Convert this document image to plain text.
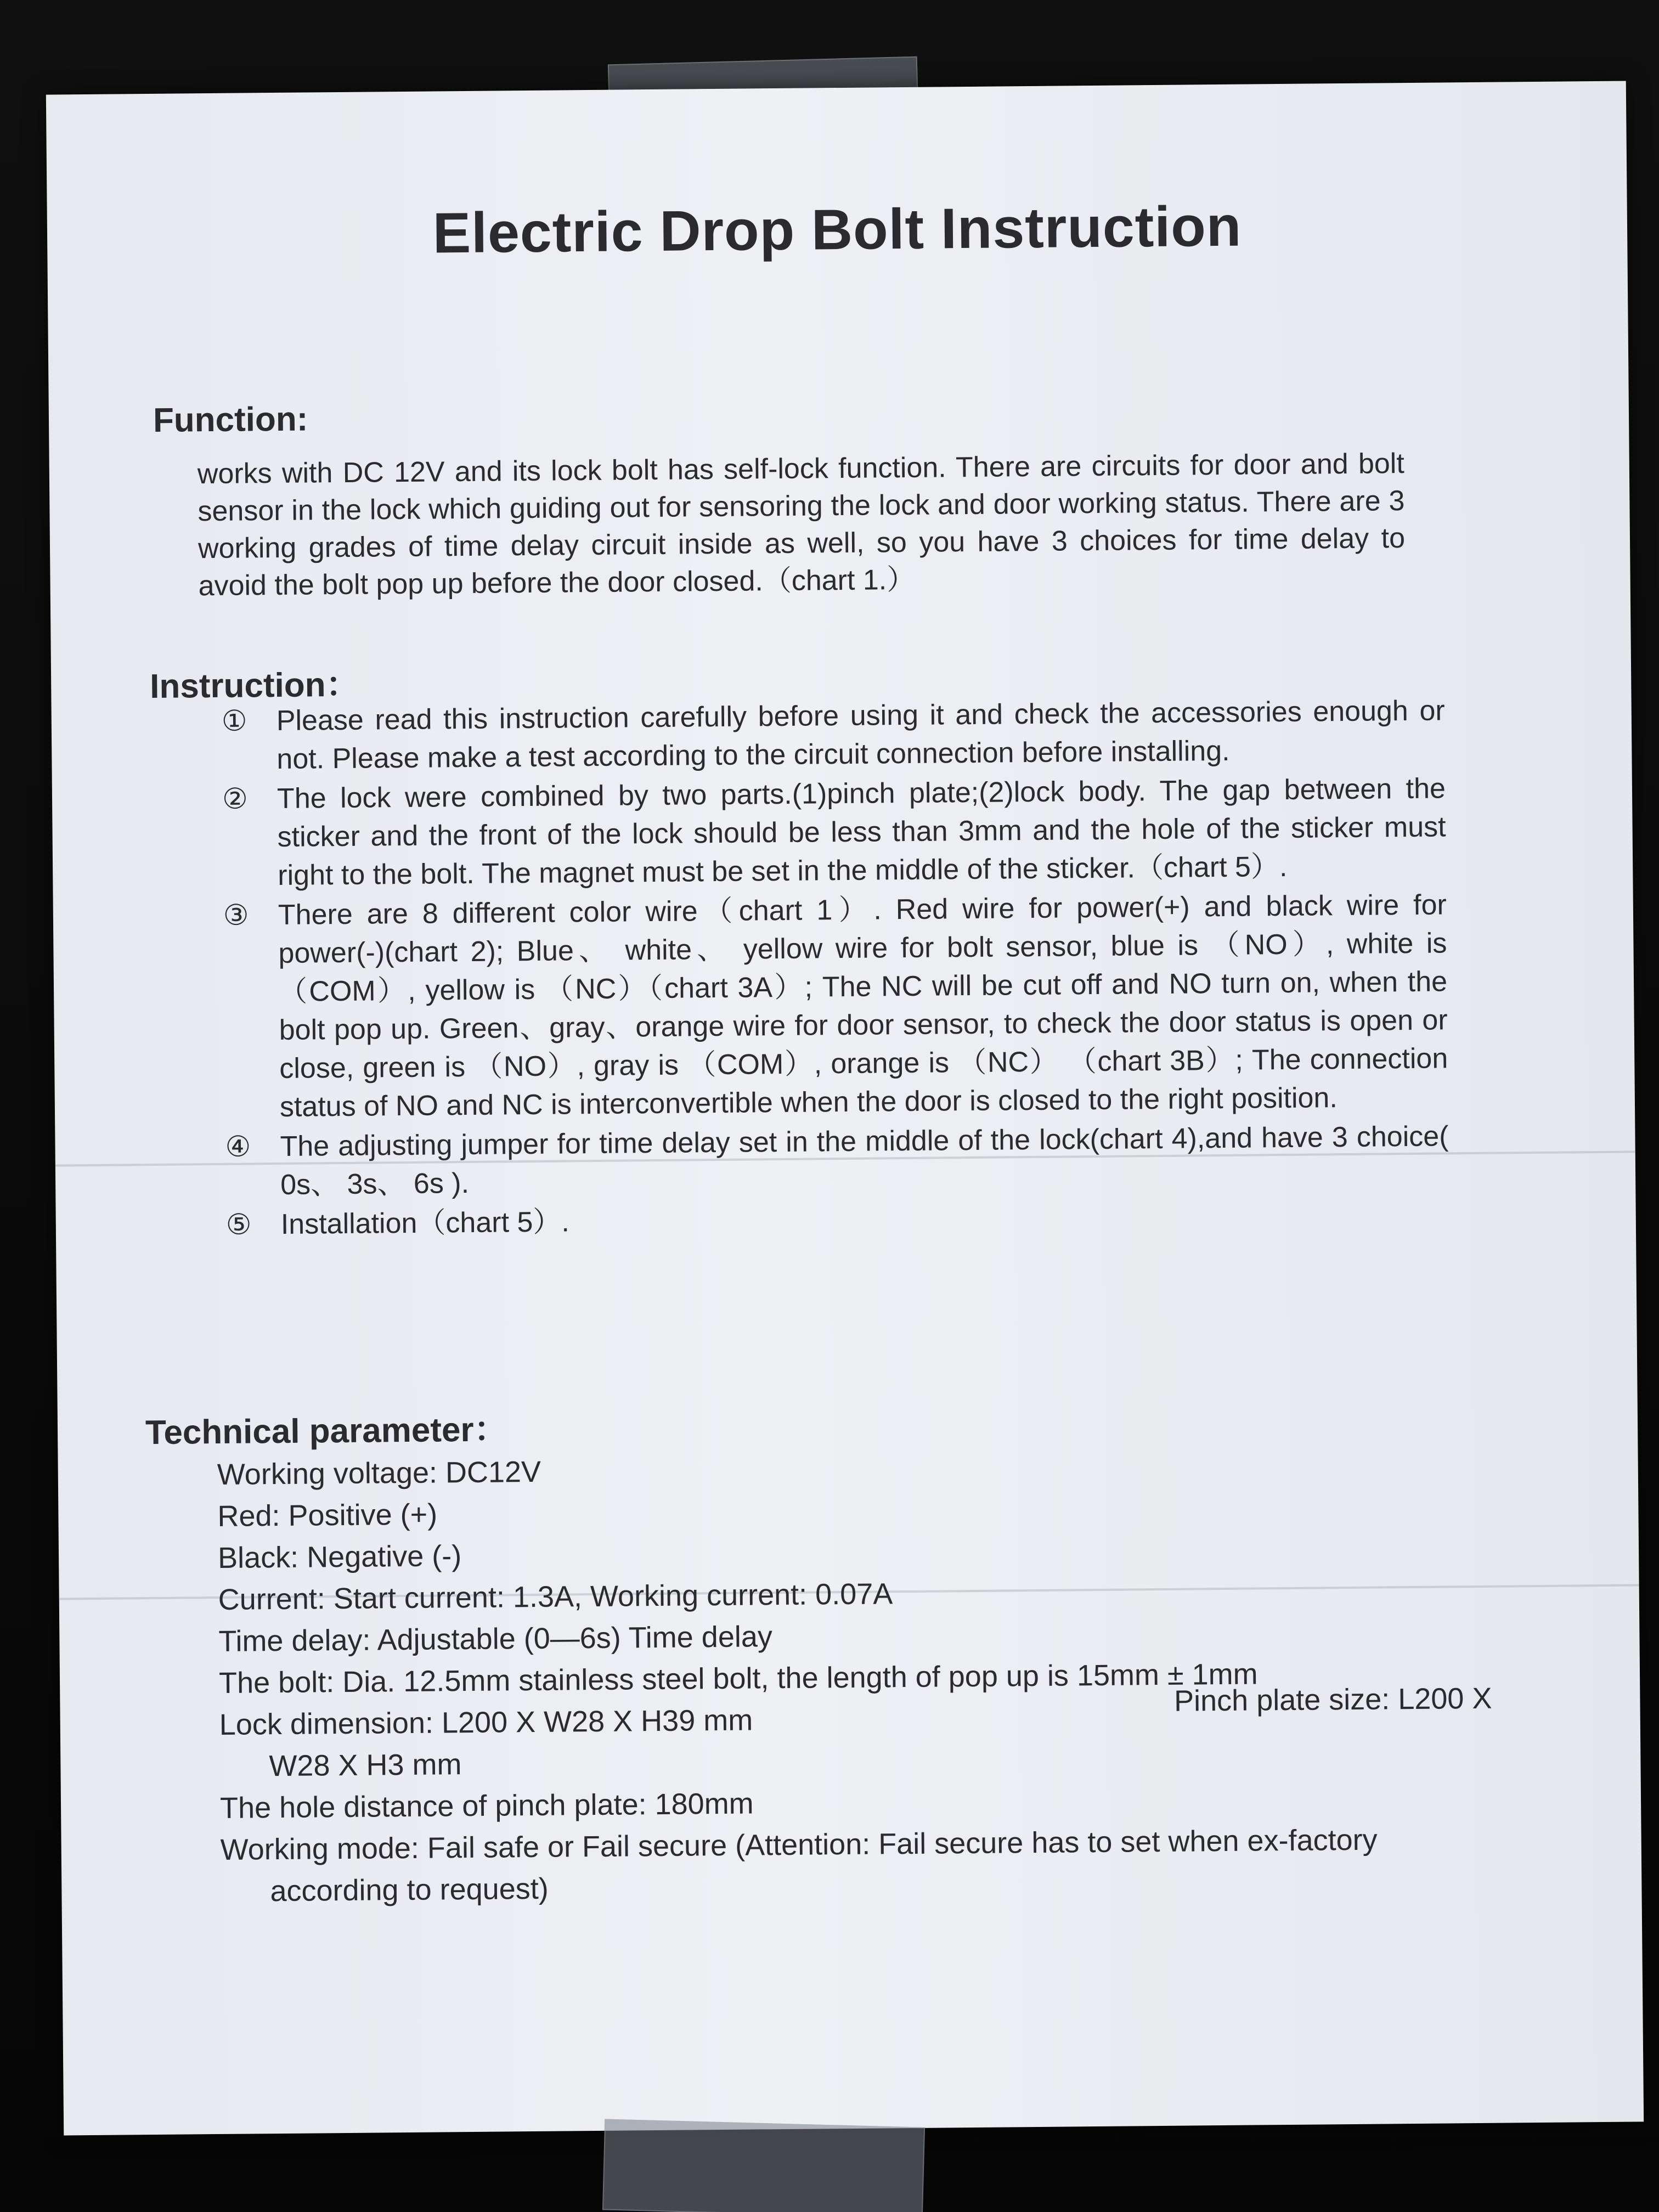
Electric Drop Bolt Instruction
Function:
works with DC 12V and its lock bolt has self-lock function. There are circuits for door and bolt sensor in the lock which guiding out for sensoring the lock and door working status. There are 3 working grades of time delay circuit inside as well, so you have 3 choices for time delay to avoid the bolt pop up before the door closed.（chart 1.）
Instruction：
① Please read this instruction carefully before using it and check the accessories enough or not. Please make a test according to the circuit connection before installing.
② The lock were combined by two parts.(1)pinch plate;(2)lock body. The gap between the sticker and the front of the lock should be less than 3mm and the hole of the sticker must right to the bolt. The magnet must be set in the middle of the sticker.（chart 5）.
③ There are 8 different color wire（chart 1）. Red wire for power(+) and black wire for power(-)(chart 2); Blue、 white、 yellow wire for bolt sensor, blue is （NO）, white is （COM）, yellow is （NC）（chart 3A）; The NC will be cut off and NO turn on, when the bolt pop up. Green、gray、orange wire for door sensor, to check the door status is open or close, green is （NO）, gray is （COM）, orange is （NC） （chart 3B）; The connection status of NO and NC is interconvertible when the door is closed to the right position.
④ The adjusting jumper for time delay set in the middle of the lock(chart 4),and have 3 choice( 0s、 3s、 6s ).
⑤ Installation（chart 5）.
Technical parameter：
Working voltage: DC12V
Red: Positive (+)
Black: Negative (-)
Current: Start current: 1.3A, Working current: 0.07A
Time delay: Adjustable (0—6s) Time delay
The bolt: Dia. 12.5mm stainless steel bolt, the length of pop up is 15mm ± 1mm
Lock dimension: L200 X W28 X H39 mm
Pinch plate size: L200 X
W28 X H3 mm
The hole distance of pinch plate: 180mm
Working mode: Fail safe or Fail secure (Attention: Fail secure has to set when ex-factory according to request)
